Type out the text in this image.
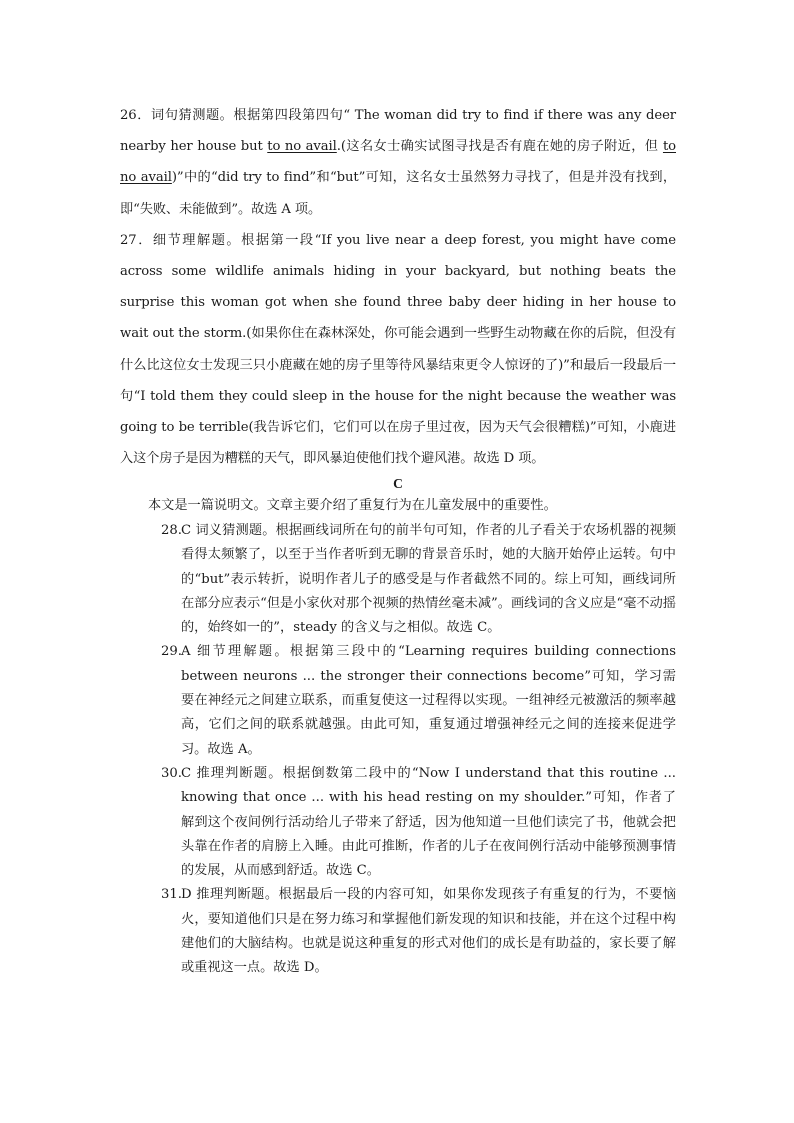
26．词句猜测题。根据第四段第四句“ The woman did try to find if there was any deer nearby her house but to no avail.(这名女士确实试图寻找是否有鹿在她的房子附近，但 to no avail)”中的“did try to find”和“but”可知，这名女士虽然努力寻找了，但是并没有找到，即“失败、未能做到”。故选 A 项。

27．细节理解题。根据第一段“If you live near a deep forest, you might have come across some wildlife animals hiding in your backyard, but nothing beats the surprise this woman got when she found three baby deer hiding in her house to wait out the storm.(如果你住在森林深处，你可能会遇到一些野生动物藏在你的后院，但没有什么比这位女士发现三只小鹿藏在她的房子里等待风暴结束更令人惊讶的了)”和最后一段最后一句“I told them they could sleep in the house for the night because the weather was going to be terrible(我告诉它们，它们可以在房子里过夜，因为天气会很糟糕)”可知，小鹿进入这个房子是因为糟糕的天气，即风暴迫使他们找个避风港。故选 D 项。

C
本文是一篇说明文。文章主要介绍了重复行为在儿童发展中的重要性。

28. C 词义猜测题。根据画线词所在句的前半句可知，作者的儿子看关于农场机器的视频看得太频繁了，以至于当作者听到无聊的背景音乐时，她的大脑开始停止运转。句中的“but”表示转折，说明作者儿子的感受是与作者截然不同的。综上可知，画线词所在部分应表示“但是小家伙对那个视频的热情丝毫未减”。画线词的含义应是“毫不动摇的，始终如一的”，steady 的含义与之相似。故选 C。

29. A 细节理解题。根据第三段中的“Learning requires building connections between neurons ... the stronger their connections become”可知，学习需要在神经元之间建立联系，而重复使这一过程得以实现。一组神经元被激活的频率越高，它们之间的联系就越强。由此可知，重复通过增强神经元之间的连接来促进学习。故选 A。

30. C 推理判断题。根据倒数第二段中的“Now I understand that this routine ... knowing that once ... with his head resting on my shoulder.”可知，作者了解到这个夜间例行活动给儿子带来了舒适，因为他知道一旦他们读完了书，他就会把头靠在作者的肩膀上入睡。由此可推断，作者的儿子在夜间例行活动中能够预测事情的发展，从而感到舒适。故选 C。

31. D 推理判断题。根据最后一段的内容可知，如果你发现孩子有重复的行为，不要恼火，要知道他们只是在努力练习和掌握他们新发现的知识和技能，并在这个过程中构建他们的大脑结构。也就是说这种重复的形式对他们的成长是有助益的，家长要了解或重视这一点。故选 D。
